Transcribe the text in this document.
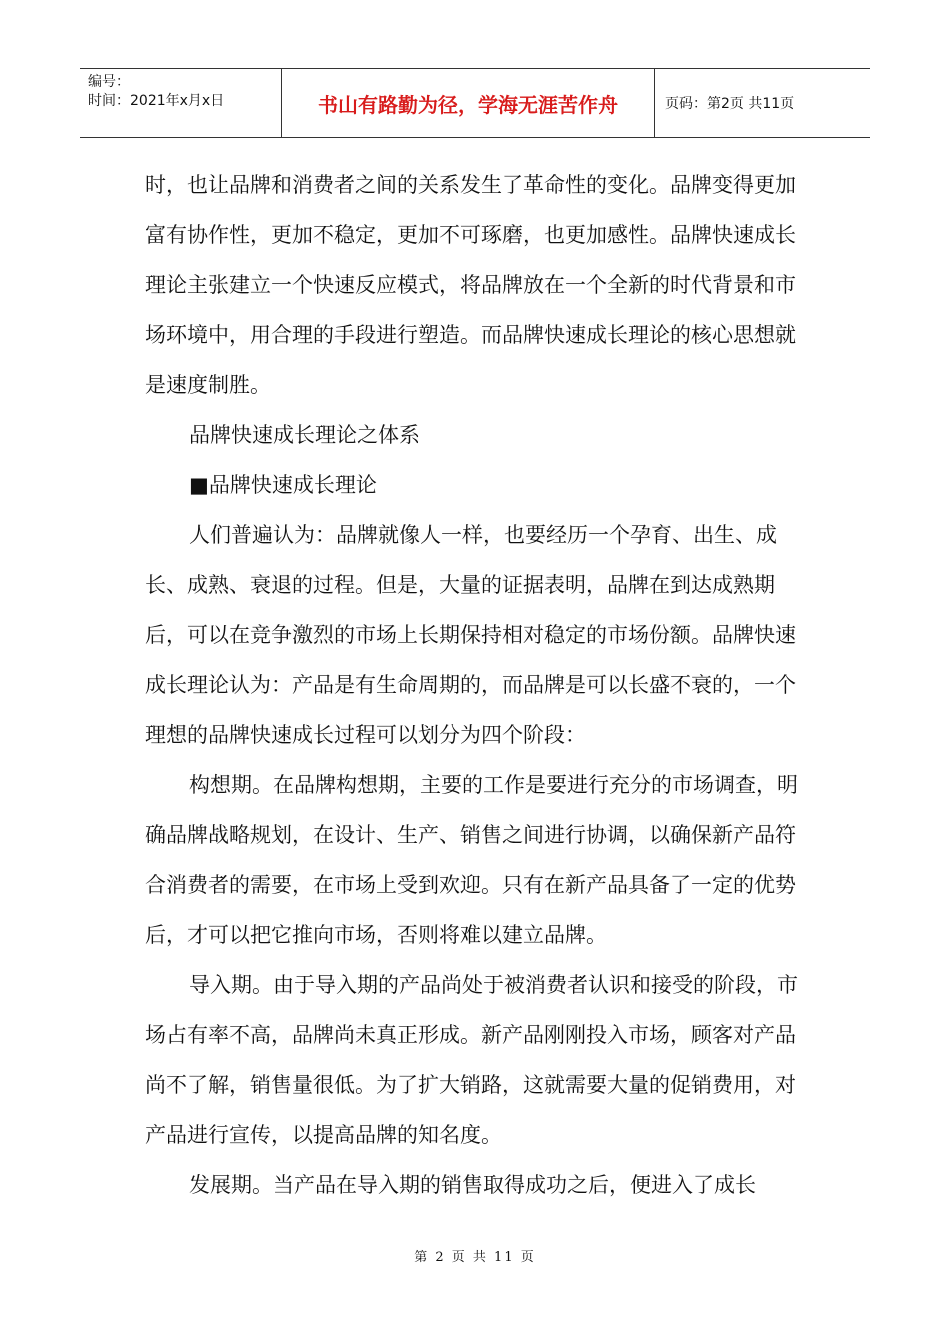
编号：
时间：2021年x月x日	书山有路勤为径，学海无涯苦作舟	页码：第2页 共11页

时，也让品牌和消费者之间的关系发生了革命性的变化。品牌变得更加富有协作性，更加不稳定，更加不可琢磨，也更加感性。品牌快速成长理论主张建立一个快速反应模式，将品牌放在一个全新的时代背景和市场环境中，用合理的手段进行塑造。而品牌快速成长理论的核心思想就是速度制胜。

品牌快速成长理论之体系

■品牌快速成长理论

人们普遍认为：品牌就像人一样，也要经历一个孕育、出生、成长、成熟、衰退的过程。但是，大量的证据表明，品牌在到达成熟期后，可以在竞争激烈的市场上长期保持相对稳定的市场份额。品牌快速成长理论认为：产品是有生命周期的，而品牌是可以长盛不衰的，一个理想的品牌快速成长过程可以划分为四个阶段：

构想期。在品牌构想期，主要的工作是要进行充分的市场调查，明确品牌战略规划，在设计、生产、销售之间进行协调，以确保新产品符合消费者的需要，在市场上受到欢迎。只有在新产品具备了一定的优势后，才可以把它推向市场，否则将难以建立品牌。

导入期。由于导入期的产品尚处于被消费者认识和接受的阶段，市场占有率不高，品牌尚未真正形成。新产品刚刚投入市场，顾客对产品尚不了解，销售量很低。为了扩大销路，这就需要大量的促销费用，对产品进行宣传，以提高品牌的知名度。

发展期。当产品在导入期的销售取得成功之后，便进入了成长

第 2 页 共 11 页
